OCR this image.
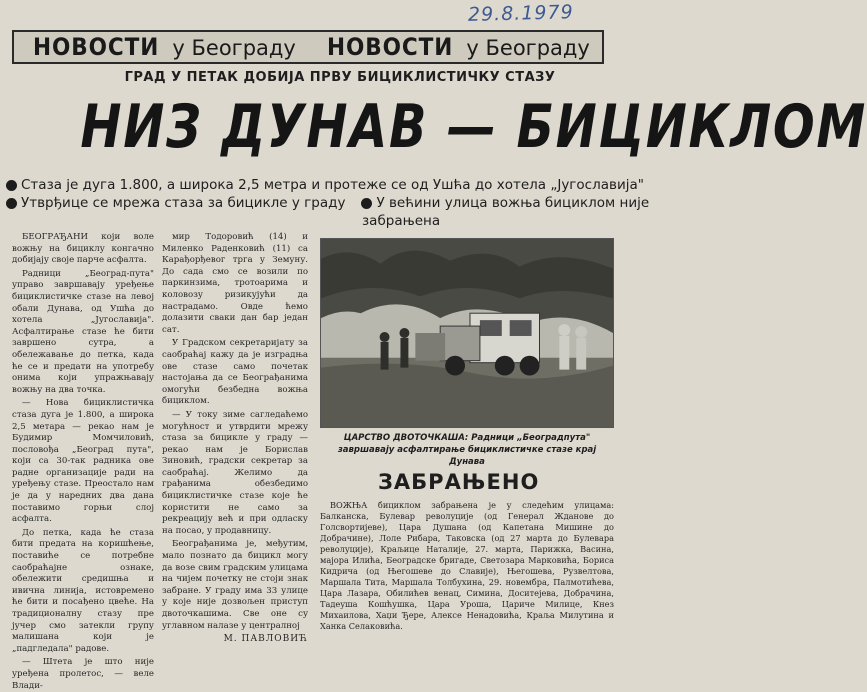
29.8.1979
НОВОСТИ у Београду НОВОСТИ у Београду
ГРАД У ПЕТАК ДОБИЈА ПРВУ БИЦИКЛИСТИЧКУ СТАЗУ
НИЗ ДУНАВ — БИЦИКЛОМ
Стаза је дуга 1.800, а широка 2,5 метра и протеже се од Ушћа до хотела „Југославија"
Утврђице се мрежа стаза за бицикле у граду У већини улица вожња бициклом није
забрањена

БЕОГРАЂАНИ који воле вожњу на бициклу конгачно добијају своје парче асфалта.

Радници „Београд-пута" управо завршавају уређење бициклистичке стазе на левој обали Дунава, од Ушћа до хотела „Југославија". Асфалтирање стазе ће бити завршено сутра, а обележавање до петка, када ће се и предати на употребу онима који упражњавају вожњу на два точка.

— Нова бициклистичка стаза дуга је 1.800, а широка 2,5 метара — рекао нам је Будимир Момчиловић, пословођа „Београд пута", који са 30-так радника ове радне организације ради на уређењу стазе. Преостало нам је да у наредних два дана поставимо горњи слој асфалта.

До петка, када ће стаза бити предата на коришћење, поставиће се потребне саобраћајне ознаке, обележити средишња и ивична линија, истовремено ће бити и посађено цвеће. На традиционалну стазу пре јучер смо затекли групу малишана који је „падгледала" радове.

— Штета је што није уређена пролетос, — веле Влади-

мир Тодоровић (14) и Миленко Раденковић (11) са Карађорђевог трга у Земуну. До сада смо се возили по паркинзима, тротоарима и коловозу ризикујући да настрадамо. Овде ћемо долазити сваки дан бар један сат.

У Градском секретаријату за саобраћај кажу да је изградња ове стазе само почетак настојања да се Београђанима омогући безбедна вожња бициклом.

— У току зиме сагледаћемо могућност и утврдити мрежу стаза за бицикле у граду — рекао нам је Борислав Зиновић, градски секретар за саобраћај. Желимо да грађанима обезбедимо бициклистичке стазе које ће користити не само за рекреацију већ и при одласку на посао, у продавницу.

Београђанима је, међутим, мало познато да бицикл могу да возе свим градским улицама на чијем почетку не стоји знак забране. У граду има 33 улице у које није дозвољен приступ двоточкашима. Све оне су углавном налазе у централној

М. ПАВЛОВИЋ

ЦАРСТВО ДВОТОЧКАША: Радници „Београдпута" завршавају асфалтирање бициклистичке стазе крај Дунава
ЗАБРАЊЕНО

ВОЖЊА бициклом забрањена је у следећим улицама: Балканска, Булевар револуције (од Генерал Жданове до Голсвортијеве), Цара Душана (од Капетана Мишине до Добрачине), Лоле Рибара, Таковска (од 27 марта до Булевара револуције), Краљице Наталије, 27. марта, Парижка, Васина, мајора Илића, Београдске бригаде, Светозара Марковића, Бориса Кидрича (од Његошеве до Славије), Његошева, Рузвелтова, Маршала Тита, Маршала Толбухина, 29. новембра, Палмотићева, Цара Лазара, Обилићев венац, Симина, Доситејева, Добрачина, Тадеуша Кошћушка, Цара Уроша, Цариче Милице, Кнез Михаилова, Хаџи Ђере, Алексе Ненадовића, Краља Милутина и Ханка Селаковића.
